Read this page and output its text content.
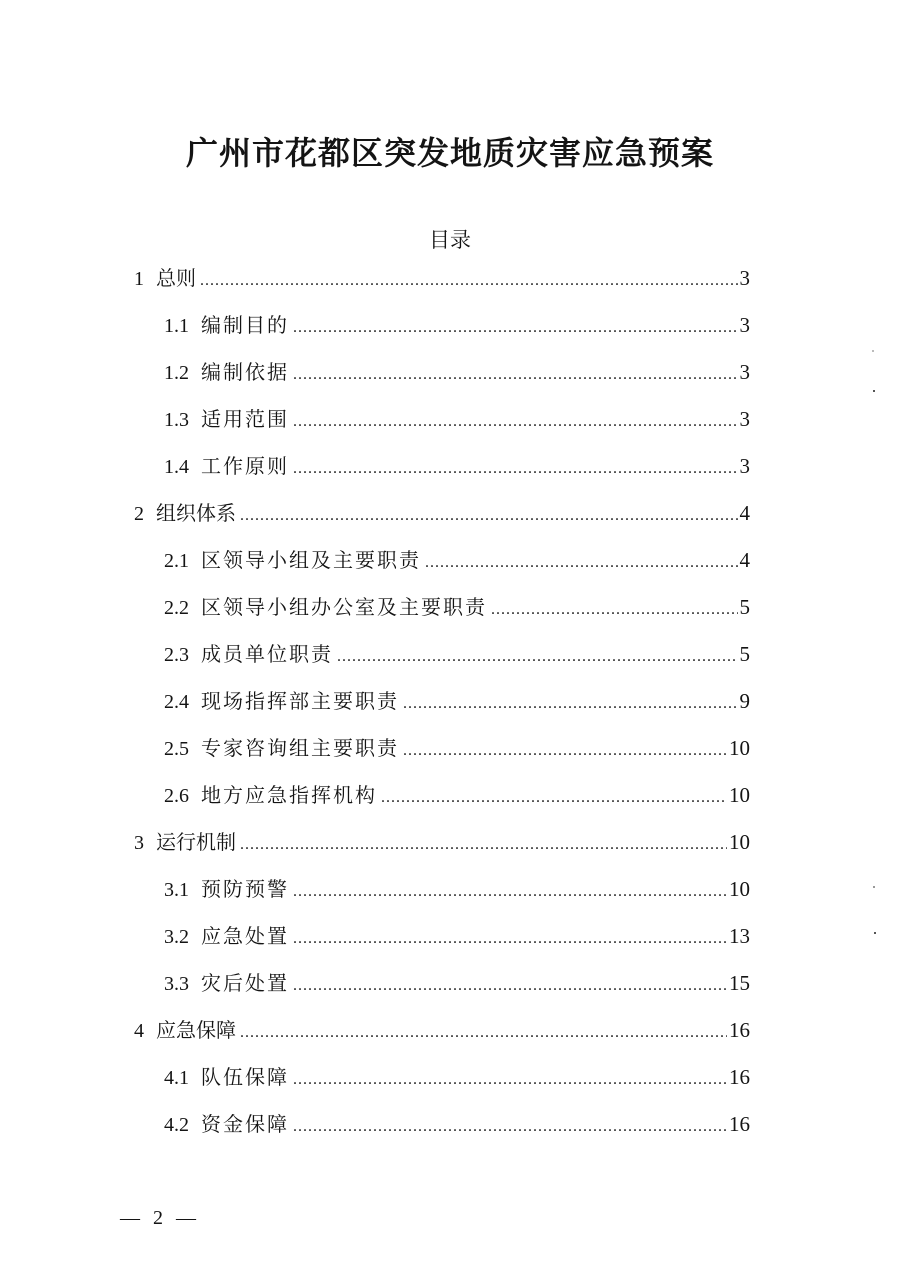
广州市花都区突发地质灾害应急预案
目录
1 总则 .....	3
1.1 编制目的 .....	3
1.2 编制依据 .....	3
1.3 适用范围 .....	3
1.4 工作原则 .....	3
2 组织体系 .....	4
2.1 区领导小组及主要职责 .....	4
2.2 区领导小组办公室及主要职责 .....	5
2.3 成员单位职责 .....	5
2.4 现场指挥部主要职责 .....	9
2.5 专家咨询组主要职责 .....	10
2.6 地方应急指挥机构 .....	10
3 运行机制 .....	10
3.1 预防预警 .....	10
3.2 应急处置 .....	13
3.3 灾后处置 .....	15
4 应急保障 .....	16
4.1 队伍保障 .....	16
4.2 资金保障 .....	16
— 2 —
